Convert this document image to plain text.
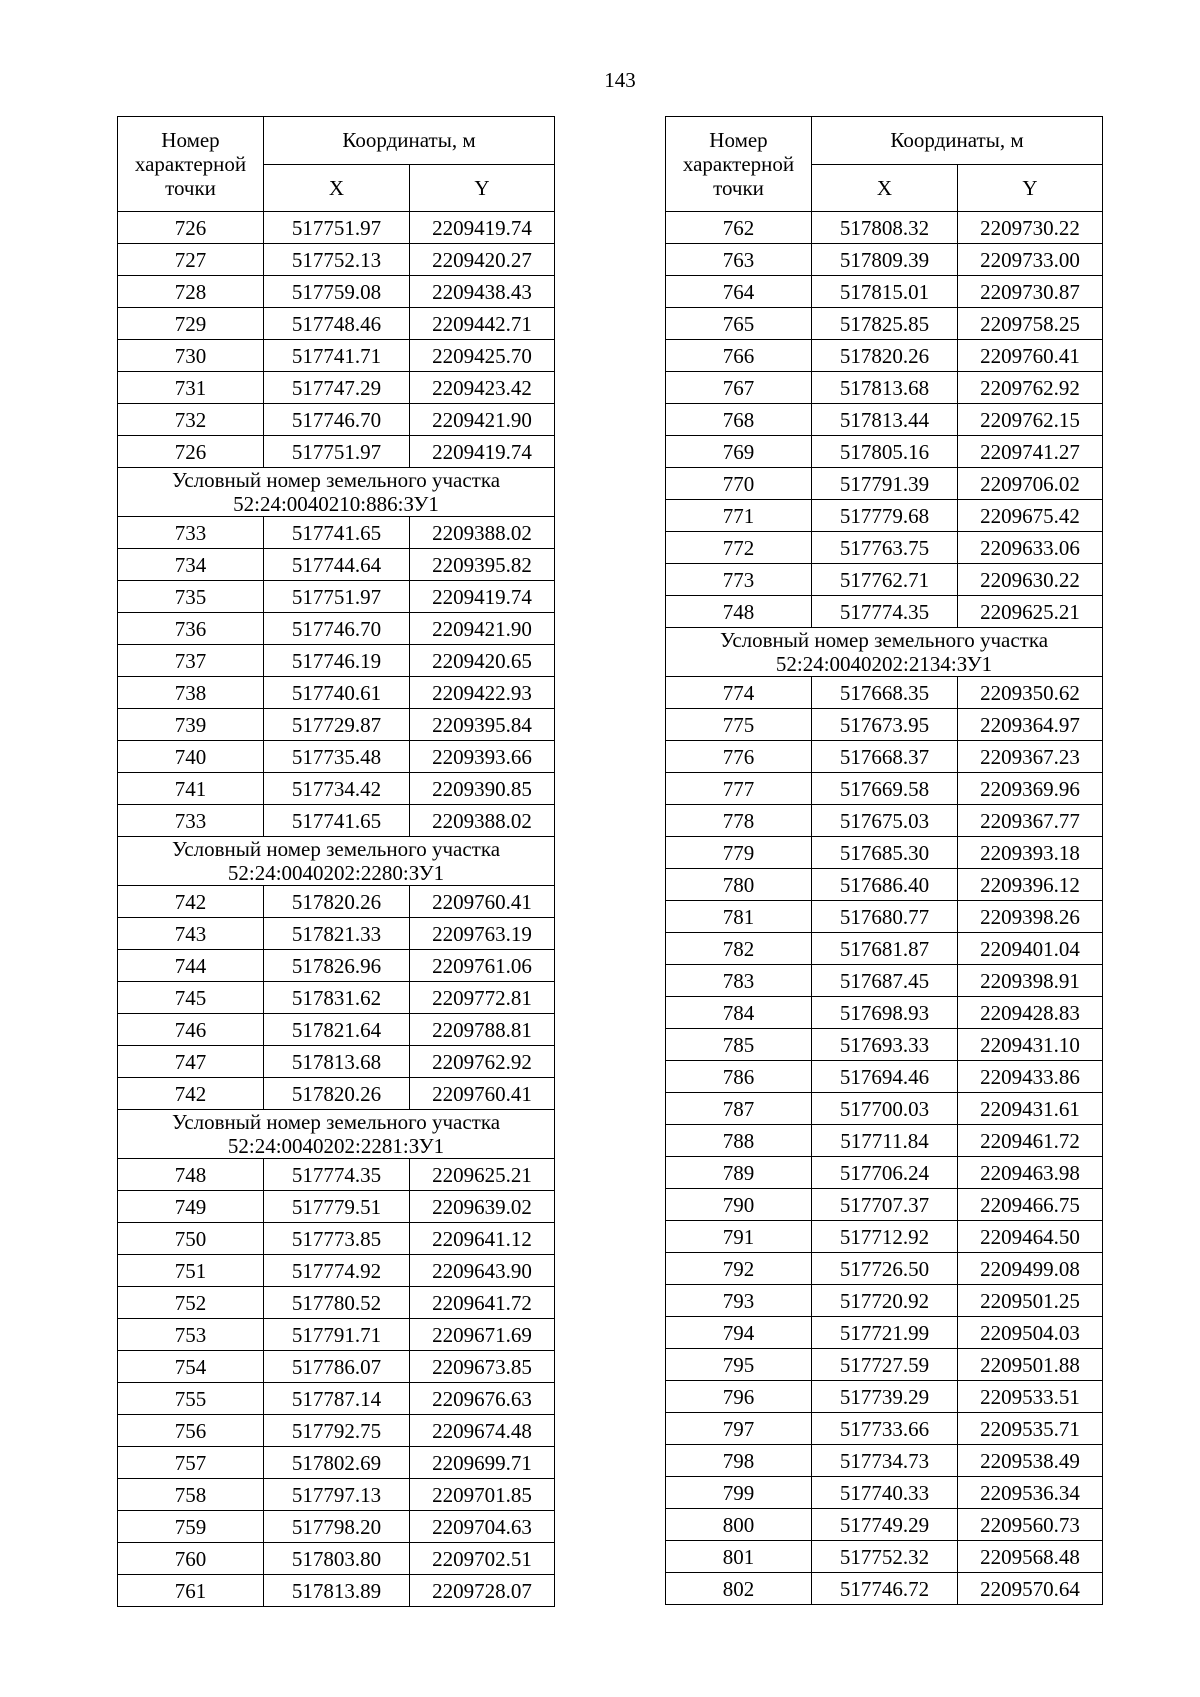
143
Номер характерной точки	Координаты, м	
	X	Y
726	517751.97	2209419.74
727	517752.13	2209420.27
728	517759.08	2209438.43
729	517748.46	2209442.71
730	517741.71	2209425.70
731	517747.29	2209423.42
732	517746.70	2209421.90
726	517751.97	2209419.74

Условный номер земельного участка
52:24:0040210:886:ЗУ1		

733	517741.65	2209388.02
734	517744.64	2209395.82
735	517751.97	2209419.74
736	517746.70	2209421.90
737	517746.19	2209420.65
738	517740.61	2209422.93
739	517729.87	2209395.84
740	517735.48	2209393.66
741	517734.42	2209390.85
733	517741.65	2209388.02

Условный номер земельного участка
52:24:0040202:2280:ЗУ1		

742	517820.26	2209760.41
743	517821.33	2209763.19
744	517826.96	2209761.06
745	517831.62	2209772.81
746	517821.64	2209788.81
747	517813.68	2209762.92
742	517820.26	2209760.41

Условный номер земельного участка
52:24:0040202:2281:ЗУ1		

748	517774.35	2209625.21
749	517779.51	2209639.02
750	517773.85	2209641.12
751	517774.92	2209643.90
752	517780.52	2209641.72
753	517791.71	2209671.69
754	517786.07	2209673.85
755	517787.14	2209676.63
756	517792.75	2209674.48
757	517802.69	2209699.71
758	517797.13	2209701.85
759	517798.20	2209704.63
760	517803.80	2209702.51
761	517813.89	2209728.07
Номер характерной точки	Координаты, м	
	X	Y
762	517808.32	2209730.22
763	517809.39	2209733.00
764	517815.01	2209730.87
765	517825.85	2209758.25
766	517820.26	2209760.41
767	517813.68	2209762.92
768	517813.44	2209762.15
769	517805.16	2209741.27
770	517791.39	2209706.02
771	517779.68	2209675.42
772	517763.75	2209633.06
773	517762.71	2209630.22
748	517774.35	2209625.21

Условный номер земельного участка
52:24:0040202:2134:ЗУ1		

774	517668.35	2209350.62
775	517673.95	2209364.97
776	517668.37	2209367.23
777	517669.58	2209369.96
778	517675.03	2209367.77
779	517685.30	2209393.18
780	517686.40	2209396.12
781	517680.77	2209398.26
782	517681.87	2209401.04
783	517687.45	2209398.91
784	517698.93	2209428.83
785	517693.33	2209431.10
786	517694.46	2209433.86
787	517700.03	2209431.61
788	517711.84	2209461.72
789	517706.24	2209463.98
790	517707.37	2209466.75
791	517712.92	2209464.50
792	517726.50	2209499.08
793	517720.92	2209501.25
794	517721.99	2209504.03
795	517727.59	2209501.88
796	517739.29	2209533.51
797	517733.66	2209535.71
798	517734.73	2209538.49
799	517740.33	2209536.34
800	517749.29	2209560.73
801	517752.32	2209568.48
802	517746.72	2209570.64
